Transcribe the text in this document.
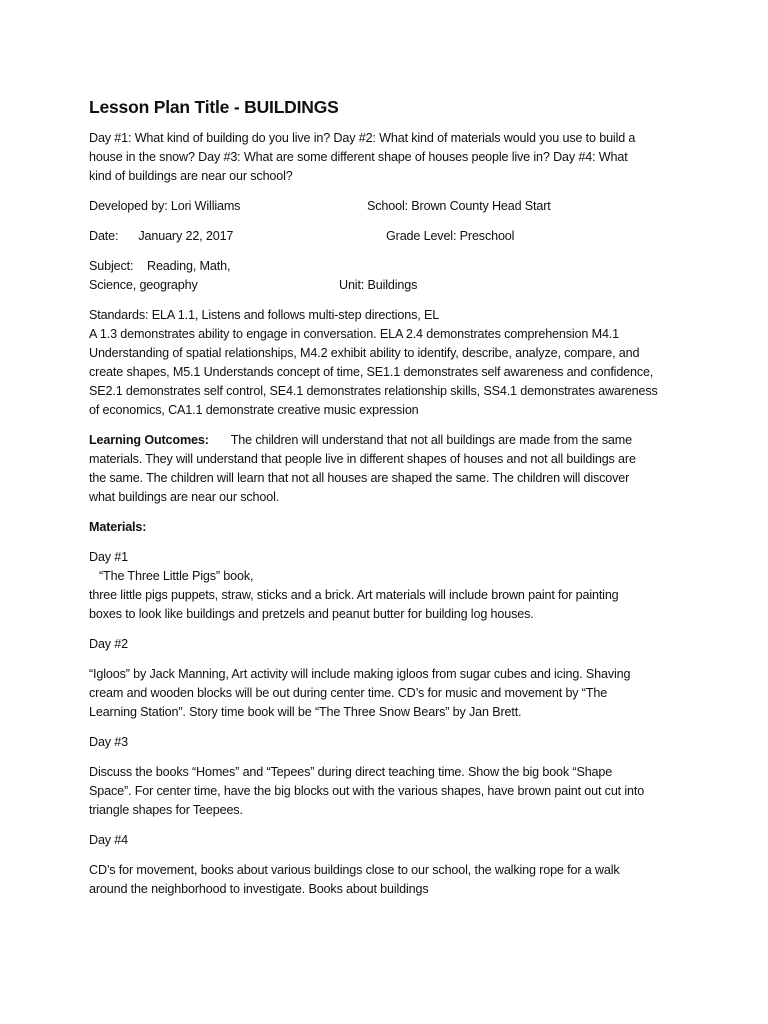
Lesson Plan Title - BUILDINGS

Day #1: What kind of building do you live in? Day #2: What kind of materials would you use to build a

house in the snow? Day #3: What are some different shape of houses people live in? Day #4: What

kind of buildings are near our school?

Developed by: Lori Williams	School: Brown County Head Start
Date: January 22, 2017	Grade Level: Preschool
Subject: Reading, Math,
Science, geography	Unit: Buildings

Standards: ELA 1.1, Listens and follows multi-step directions, EL

A 1.3 demonstrates ability to engage in conversation. ELA 2.4 demonstrates comprehension M4.1

Understanding of spatial relationships, M4.2 exhibit ability to identify, describe, analyze, compare, and

create shapes, M5.1 Understands concept of time, SE1.1 demonstrates self awareness and confidence,

SE2.1 demonstrates self control, SE4.1 demonstrates relationship skills, SS4.1 demonstrates awareness

of economics, CA1.1 demonstrate creative music expression

Learning Outcomes: The children will understand that not all buildings are made from the same

materials. They will understand that people live in different shapes of houses and not all buildings are

the same. The children will learn that not all houses are shaped the same. The children will discover

what buildings are near our school.

Materials:

Day #1

“The Three Little Pigs” book,

three little pigs puppets, straw, sticks and a brick. Art materials will include brown paint for painting

boxes to look like buildings and pretzels and peanut butter for building log houses.

Day #2

“Igloos” by Jack Manning, Art activity will include making igloos from sugar cubes and icing. Shaving

cream and wooden blocks will be out during center time. CD’s for music and movement by “The

Learning Station”. Story time book will be “The Three Snow Bears” by Jan Brett.

Day #3

Discuss the books “Homes” and “Tepees” during direct teaching time. Show the big book “Shape

Space”. For center time, have the big blocks out with the various shapes, have brown paint out cut into

triangle shapes for Teepees.

Day #4

CD’s for movement, books about various buildings close to our school, the walking rope for a walk

around the neighborhood to investigate. Books about buildings
